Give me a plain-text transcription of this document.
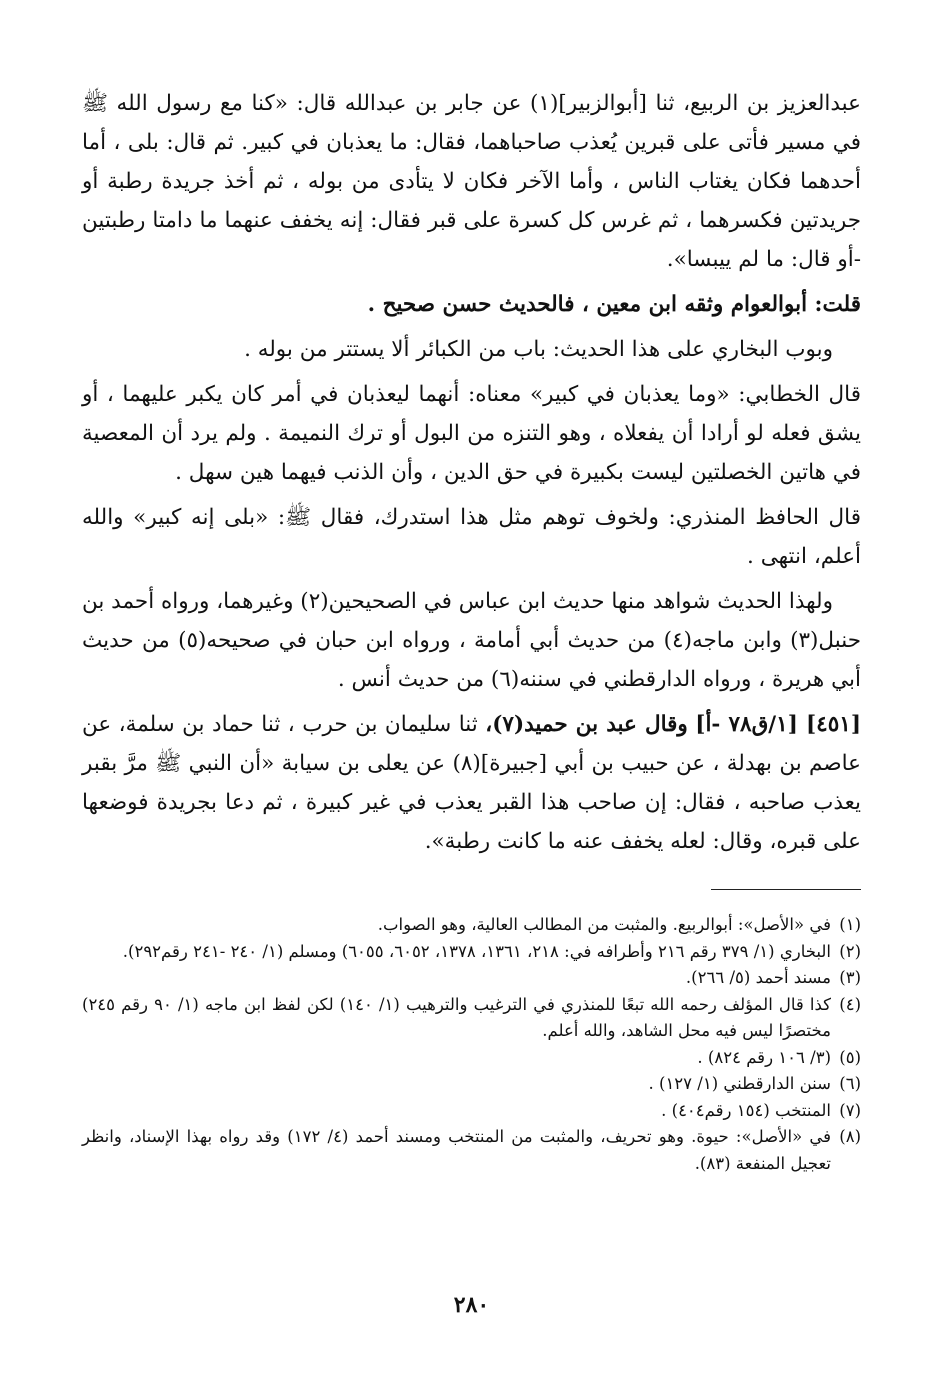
عبدالعزيز بن الربيع، ثنا [أبوالزبير](١) عن جابر بن عبدالله قال: «كنا مع رسول الله ﷺ في مسير فأتى على قبرين يُعذب صاحباهما، فقال: ما يعذبان في كبير. ثم قال: بلى ، أما أحدهما فكان يغتاب الناس ، وأما الآخر فكان لا يتأدى من بوله ، ثم أخذ جريدة رطبة أو جريدتين فكسرهما ، ثم غرس كل كسرة على قبر فقال: إنه يخفف عنهما ما دامتا رطبتين -أو قال: ما لم ييبسا».

قلت: أبوالعوام وثقه ابن معين ، فالحديث حسن صحيح .

وبوب البخاري على هذا الحديث: باب من الكبائر ألا يستتر من بوله .

قال الخطابي: «وما يعذبان في كبير» معناه: أنهما ليعذبان في أمر كان يكبر عليهما ، أو يشق فعله لو أرادا أن يفعلاه ، وهو التنزه من البول أو ترك النميمة . ولم يرد أن المعصية في هاتين الخصلتين ليست بكبيرة في حق الدين ، وأن الذنب فيهما هين سهل .

قال الحافظ المنذري: ولخوف توهم مثل هذا استدرك، فقال ﷺ: «بلى إنه كبير» والله أعلم، انتهى .

ولهذا الحديث شواهد منها حديث ابن عباس في الصحيحين(٢) وغيرهما، ورواه أحمد بن حنبل(٣) وابن ماجه(٤) من حديث أبي أمامة ، ورواه ابن حبان في صحيحه(٥) من حديث أبي هريرة ، ورواه الدارقطني في سننه(٦) من حديث أنس .

[٤٥١] [١/ق٧٨ -أ] وقال عبد بن حميد(٧)، ثنا سليمان بن حرب ، ثنا حماد بن سلمة، عن عاصم بن بهدلة ، عن حبيب بن أبي [جبيرة](٨) عن يعلى بن سيابة «أن النبي ﷺ مرَّ بقبر يعذب صاحبه ، فقال: إن صاحب هذا القبر يعذب في غير كبيرة ، ثم دعا بجريدة فوضعها على قبره، وقال: لعله يخفف عنه ما كانت رطبة».

(١)
في «الأصل»: أبوالربيع. والمثبت من المطالب العالية، وهو الصواب.
(٢)
البخاري (١/ ٣٧٩ رقم ٢١٦ وأطرافه في: ٢١٨، ١٣٦١، ١٣٧٨، ٦٠٥٢، ٦٠٥٥) ومسلم (١/ ٢٤٠ -٢٤١ رقم٢٩٢).
(٣)
مسند أحمد (٥/ ٢٦٦).
(٤)
كذا قال المؤلف رحمه الله تبعًا للمنذري في الترغيب والترهيب (١/ ١٤٠) لكن لفظ ابن ماجه (١/ ٩٠ رقم ٢٤٥) مختصرًا ليس فيه محل الشاهد، والله أعلم.
(٥)
(٣/ ١٠٦ رقم ٨٢٤) .
(٦)
سنن الدارقطني (١/ ١٢٧) .
(٧)
المنتخب (١٥٤ رقم٤٠٤) .
(٨)
في «الأصل»: حيوة. وهو تحريف، والمثبت من المنتخب ومسند أحمد (٤/ ١٧٢) وقد رواه بهذا الإسناد، وانظر تعجيل المنفعة (٨٣).
٢٨٠
